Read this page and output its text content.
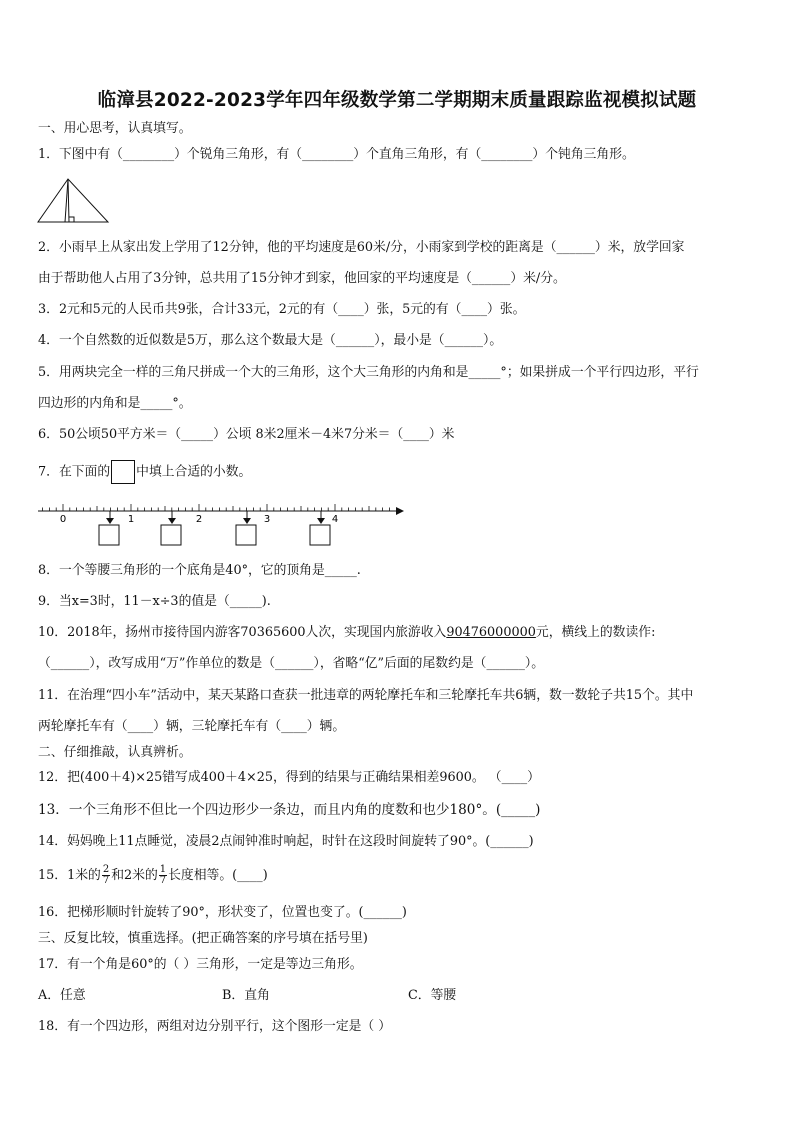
临漳县2022-2023学年四年级数学第二学期期末质量跟踪监视模拟试题
一、用心思考，认真填写。
1．下图中有（________）个锐角三角形，有（________）个直角三角形，有（________）个钝角三角形。
2．小雨早上从家出发上学用了12分钟，他的平均速度是60米/分，小雨家到学校的距离是（______）米，放学回家
由于帮助他人占用了3分钟，总共用了15分钟才到家，他回家的平均速度是（______）米/分。
3．2元和5元的人民币共9张，合计33元，2元的有（____）张，5元的有（____）张。
4．一个自然数的近似数是5万，那么这个数最大是（______），最小是（______）。
5．用两块完全一样的三角尺拼成一个大的三角形，这个大三角形的内角和是_____°；如果拼成一个平行四边形，平行
四边形的内角和是_____°。
6．50公顷50平方米＝（_____）公顷 8米2厘米－4米7分米＝（____）米
7．在下面的 中填上合适的小数。
0	1	2	3	4
8．一个等腰三角形的一个底角是40°，它的顶角是_____.
9．当x=3时，11－x÷3的值是（_____).
10．2018年，扬州市接待国内游客70365600人次，实现国内旅游收入90476000000元，横线上的数读作:
（______），改写成用“万”作单位的数是（______），省略“亿”后面的尾数约是（______）。
11．在治理“四小车”活动中，某天某路口查获一批违章的两轮摩托车和三轮摩托车共6辆，数一数轮子共15个。其中
两轮摩托车有（____）辆，三轮摩托车有（____）辆。
二、仔细推敲，认真辨析。
12．把(400＋4)×25错写成400＋4×25，得到的结果与正确结果相差9600。 （____）
13．一个三角形不但比一个四边形少一条边，而且内角的度数和也少180°。(_____)
14．妈妈晚上11点睡觉，凌晨2点闹钟准时响起，时针在这段时间旋转了90°。(______)
15．1米的 $\frac{2}{7}$ 和2米的 $\frac{1}{7}$ 长度相等。(____)
16．把梯形顺时针旋转了90°，形状变了，位置也变了。(______)
三、反复比较，慎重选择。(把正确答案的序号填在括号里)
17．有一个角是60°的（ ）三角形，一定是等边三角形。
A．任意	B．直角	C．等腰
18．有一个四边形，两组对边分别平行，这个图形一定是（ ）
